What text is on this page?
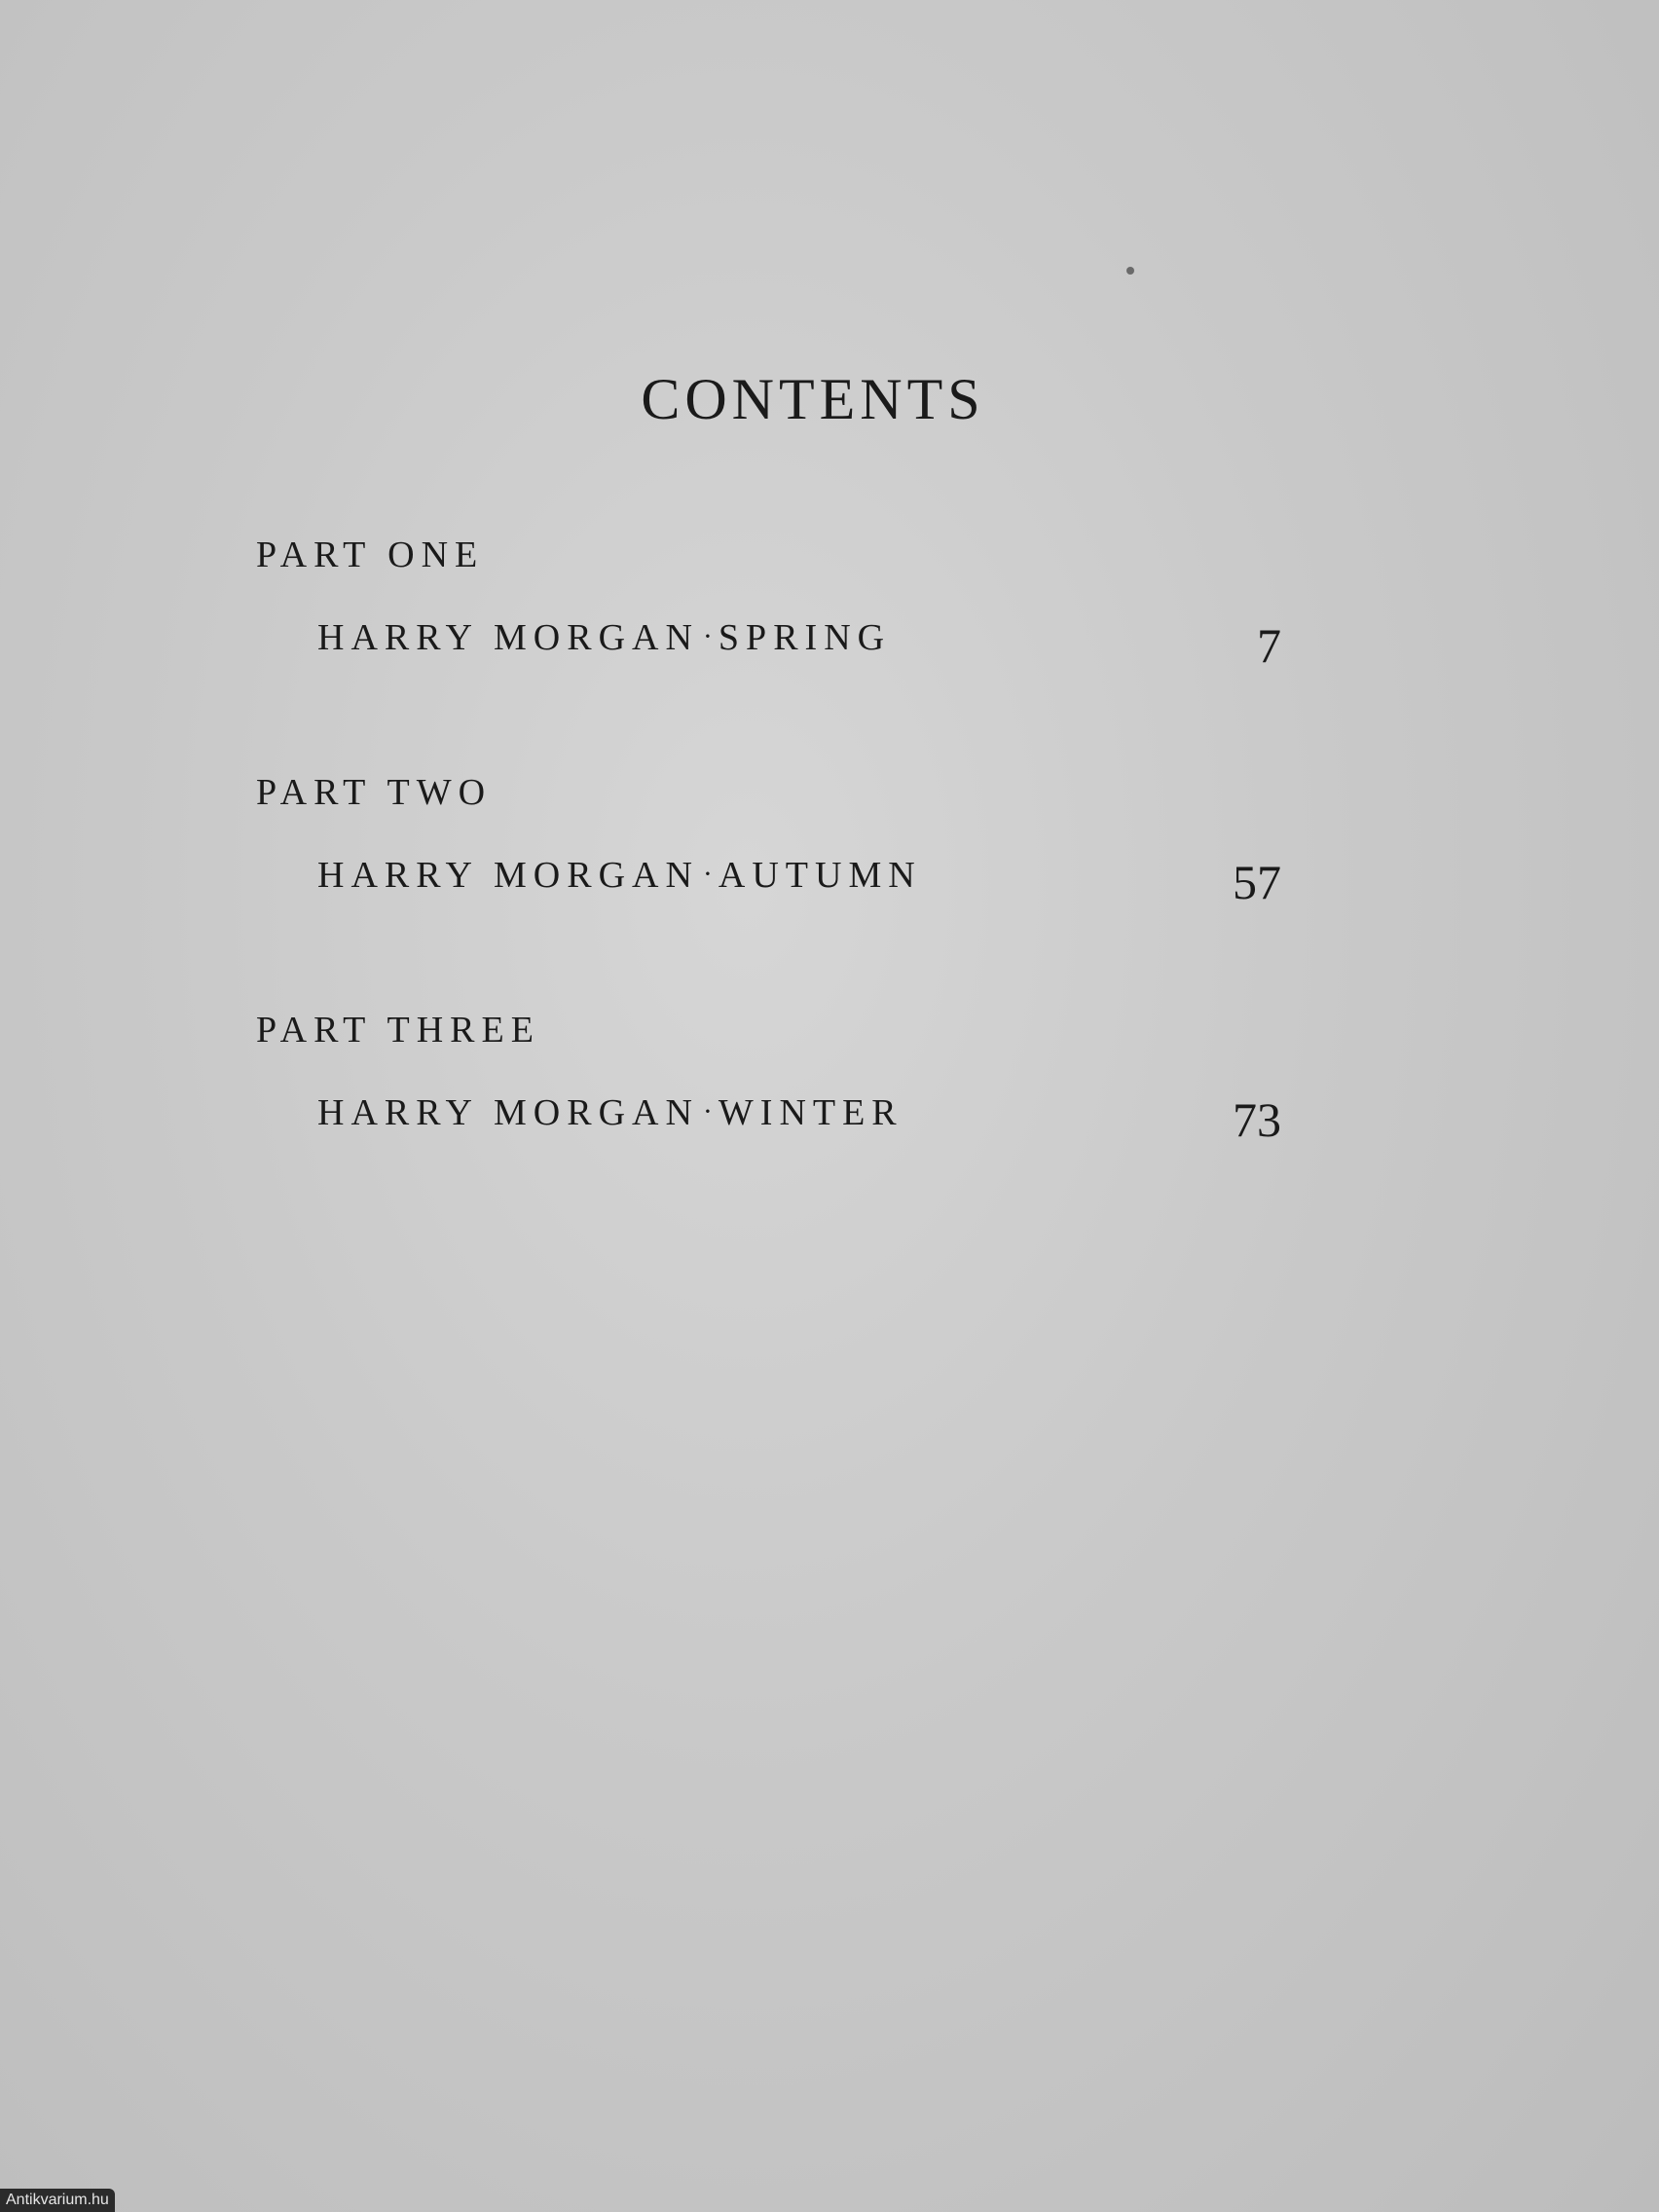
CONTENTS
PART ONE
HARRY MORGAN · SPRING	7
PART TWO
HARRY MORGAN · AUTUMN	57
PART THREE
HARRY MORGAN · WINTER	73
Antikvarium.hu
